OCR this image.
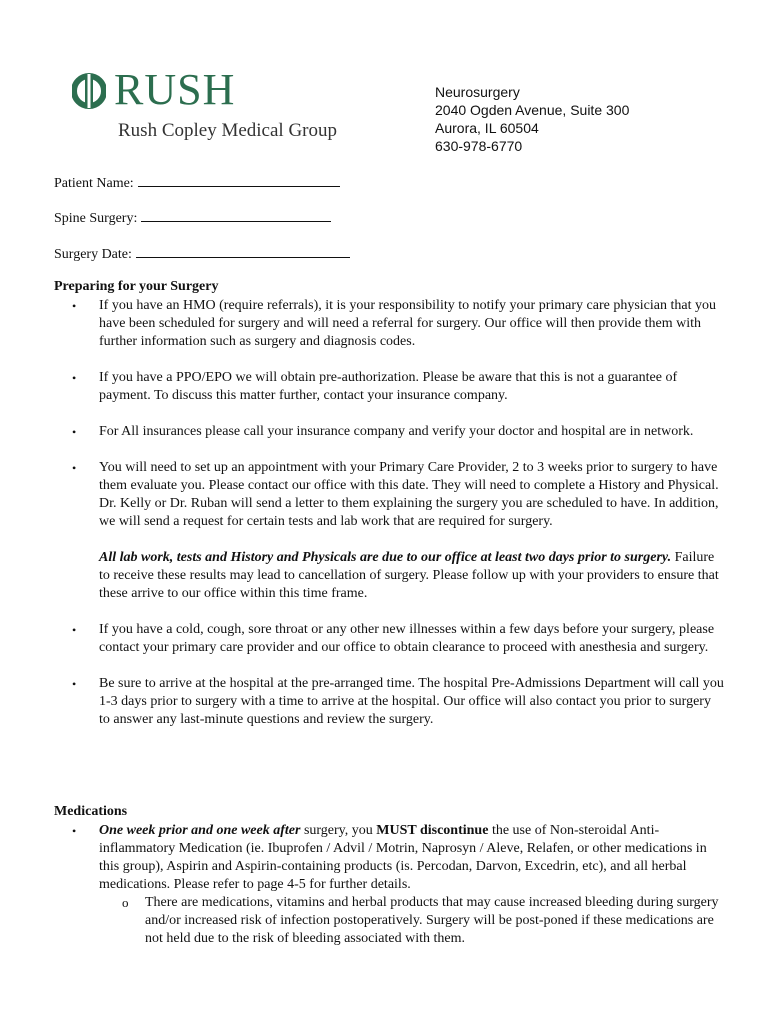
RUSH
Rush Copley Medical Group
Neurosurgery
2040 Ogden Avenue, Suite 300
Aurora, IL 60504
630-978-6770
Patient Name:
Spine Surgery:
Surgery Date:
Preparing for your Surgery
• If you have an HMO (require referrals), it is your responsibility to notify your primary care physician that you have been scheduled for surgery and will need a referral for surgery. Our office will then provide them with further information such as surgery and diagnosis codes.
• If you have a PPO/EPO we will obtain pre-authorization. Please be aware that this is not a guarantee of payment. To discuss this matter further, contact your insurance company.
• For All insurances please call your insurance company and verify your doctor and hospital are in network.
• You will need to set up an appointment with your Primary Care Provider, 2 to 3 weeks prior to surgery to have them evaluate you. Please contact our office with this date. They will need to complete a History and Physical. Dr. Kelly or Dr. Ruban will send a letter to them explaining the surgery you are scheduled to have. In addition, we will send a request for certain tests and lab work that are required for surgery.
All lab work, tests and History and Physicals are due to our office at least two days prior to surgery. Failure to receive these results may lead to cancellation of surgery. Please follow up with your providers to ensure that these arrive to our office within this time frame.
• If you have a cold, cough, sore throat or any other new illnesses within a few days before your surgery, please contact your primary care provider and our office to obtain clearance to proceed with anesthesia and surgery.
• Be sure to arrive at the hospital at the pre-arranged time. The hospital Pre-Admissions Department will call you 1-3 days prior to surgery with a time to arrive at the hospital. Our office will also contact you prior to surgery to answer any last-minute questions and review the surgery.
Medications
• One week prior and one week after surgery, you MUST discontinue the use of Non-steroidal Anti-inflammatory Medication (ie. Ibuprofen / Advil / Motrin, Naprosyn / Aleve, Relafen, or other medications in this group), Aspirin and Aspirin-containing products (is. Percodan, Darvon, Excedrin, etc), and all herbal medications. Please refer to page 4-5 for further details.
o There are medications, vitamins and herbal products that may cause increased bleeding during surgery and/or increased risk of infection postoperatively. Surgery will be post-poned if these medications are not held due to the risk of bleeding associated with them.
